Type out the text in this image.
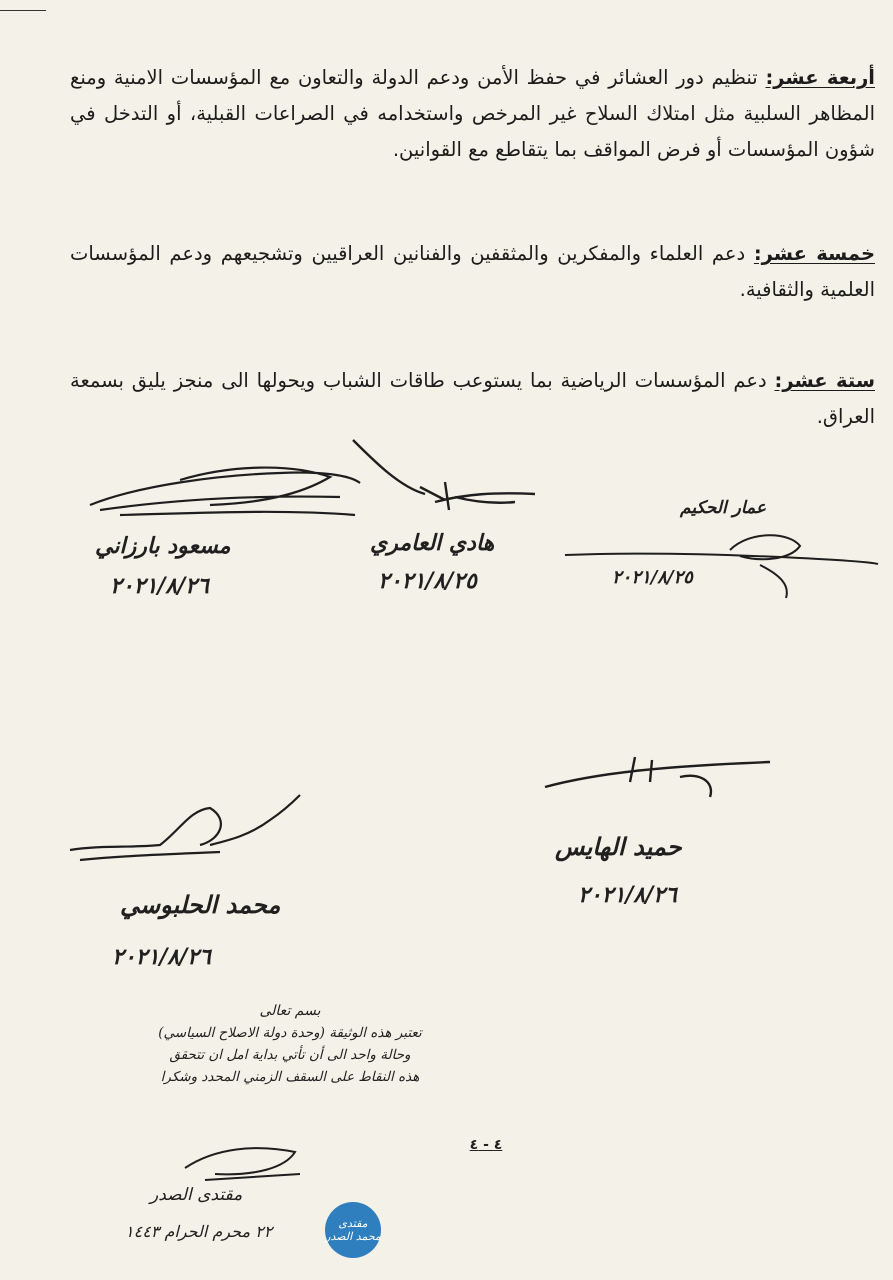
أربعة عشر: تنظيم دور العشائر في حفظ الأمن ودعم الدولة والتعاون مع المؤسسات الامنية ومنع المظاهر السلبية مثل امتلاك السلاح غير المرخص واستخدامه في الصراعات القبلية، أو التدخل في شؤون المؤسسات أو فرض المواقف بما يتقاطع مع القوانين.
خمسة عشر: دعم العلماء والمفكرين والمثقفين والفنانين العراقيين وتشجيعهم ودعم المؤسسات العلمية والثقافية.
ستة عشر: دعم المؤسسات الرياضية بما يستوعب طاقات الشباب ويحولها الى منجز يليق بسمعة العراق.
مسعود بارزاني
٢٠٢١/٨/٢٦
هادي العامري
٢٠٢١/٨/٢٥
عمار الحكيم
٢٠٢١/٨/٢٥
محمد الحلبوسي
٢٠٢١/٨/٢٦
حميد الهايس
٢٠٢١/٨/٢٦
بسم تعالى
تعتبر هذه الوثيقة (وحدة دولة الاصلاح السياسي)
وحالة واحد الى أن تأتي بداية امل ان تتحقق
هذه النقاط على السقف الزمني المحدد وشكرا
٤ - ٤
مقتدى الصدر
٢٢ محرم الحرام ١٤٤٣	مقتدى محمد الصدر
